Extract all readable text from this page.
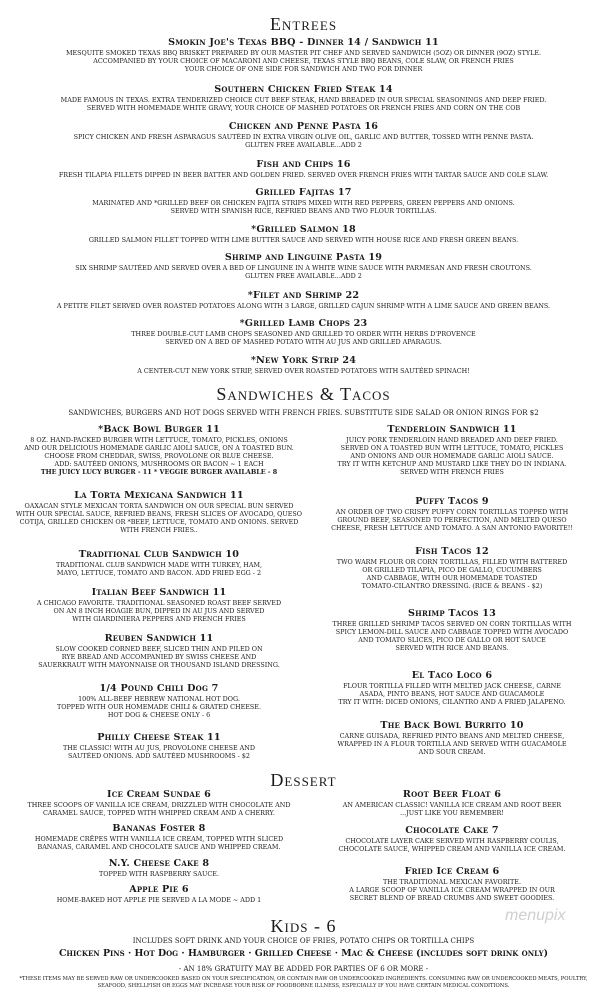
Entrees
Smokin Joe's Texas BBQ - Dinner 14 / Sandwich 11
MESQUITE SMOKED TEXAS BBQ BRISKET PREPARED BY OUR MASTER PIT CHEF AND SERVED SANDWICH (5OZ) OR DINNER (9OZ) STYLE.
ACCOMPANIED BY YOUR CHOICE OF MACARONI AND CHEESE, TEXAS STYLE BBQ BEANS, COLE SLAW, OR FRENCH FRIES
YOUR CHOICE OF ONE SIDE FOR SANDWICH AND TWO FOR DINNER
Southern Chicken Fried Steak 14
MADE FAMOUS IN TEXAS. EXTRA TENDERIZED CHOICE CUT BEEF STEAK, HAND BREADED IN OUR SPECIAL SEASONINGS AND DEEP FRIED.
SERVED WITH HOMEMADE WHITE GRAVY, YOUR CHOICE OF MASHED POTATOES OR FRENCH FRIES AND CORN ON THE COB
Chicken and Penne Pasta 16
SPICY CHICKEN AND FRESH ASPARAGUS SAUTÉED IN EXTRA VIRGIN OLIVE OIL, GARLIC AND BUTTER, TOSSED WITH PENNE PASTA.
GLUTEN FREE AVAILABLE...ADD 2
Fish and Chips 16
FRESH TILAPIA FILLETS DIPPED IN BEER BATTER AND GOLDEN FRIED. SERVED OVER FRENCH FRIES WITH TARTAR SAUCE AND COLE SLAW.
Grilled Fajitas 17
MARINATED AND *GRILLED BEEF OR CHICKEN FAJITA STRIPS MIXED WITH RED PEPPERS, GREEN PEPPERS AND ONIONS.
SERVED WITH SPANISH RICE, REFRIED BEANS AND TWO FLOUR TORTILLAS.
*Grilled Salmon 18
GRILLED SALMON FILLET TOPPED WITH LIME BUTTER SAUCE AND SERVED WITH HOUSE RICE AND FRESH GREEN BEANS.
Shrimp and Linguine Pasta 19
SIX SHRIMP SAUTÉED AND SERVED OVER A BED OF LINGUINE IN A WHITE WINE SAUCE WITH PARMESAN AND FRESH CROUTONS.
GLUTEN FREE AVAILABLE...ADD 2
*Filet and Shrimp 22
A PETITE FILET SERVED OVER ROASTED POTATOES ALONG WITH 3 LARGE, GRILLED CAJUN SHRIMP WITH A LIME SAUCE AND GREEN BEANS.
*Grilled Lamb Chops 23
THREE DOUBLE-CUT LAMB CHOPS SEASONED AND GRILLED TO ORDER WITH HERBS D'PROVENCE
SERVED ON A BED OF MASHED POTATO WITH AU JUS AND GRILLED APARAGUS.
*New York Strip 24
A CENTER-CUT NEW YORK STRIP, SERVED OVER ROASTED POTATOES WITH SAUTÉED SPINACH!
Sandwiches & Tacos
SANDWICHES, BURGERS AND HOT DOGS SERVED WITH FRENCH FRIES. SUBSTITUTE SIDE SALAD OR ONION RINGS FOR $2
*Back Bowl Burger 11
8 OZ. HAND-PACKED BURGER WITH LETTUCE, TOMATO, PICKLES, ONIONS
AND OUR DELICIOUS HOMEMADE GARLIC AIOLI SAUCE, ON A TOASTED BUN.
CHOOSE FROM CHEDDAR, SWISS, PROVOLONE OR BLUE CHEESE.
ADD: SAUTÉED ONIONS, MUSHROOMS OR BACON ~ 1 EACH
THE JUICY LUCY BURGER - 11 * VEGGIE BURGER AVAILABLE - 8
La Torta Mexicana Sandwich 11
OAXACAN STYLE MEXICAN TORTA SANDWICH ON OUR SPECIAL BUN SERVED
WITH OUR SPECIAL SAUCE, REFRIED BEANS, FRESH SLICES OF AVOCADO, QUESO
COTIJA, GRILLED CHICKEN OR *BEEF, LETTUCE, TOMATO AND ONIONS. SERVED
WITH FRENCH FRIES..
Traditional Club Sandwich 10
TRADITIONAL CLUB SANDWICH MADE WITH TURKEY, HAM,
MAYO, LETTUCE, TOMATO AND BACON. ADD FRIED EGG - 2
Italian Beef Sandwich 11
A CHICAGO FAVORITE. TRADITIONAL SEASONED ROAST BEEF SERVED
ON AN 8 INCH HOAGIE BUN, DIPPED IN AU JUS AND SERVED
WITH GIARDINIERA PEPPERS AND FRENCH FRIES
Reuben Sandwich 11
SLOW COOKED CORNED BEEF, SLICED THIN AND PILED ON
RYE BREAD AND ACCOMPANIED BY SWISS CHEESE AND
SAUERKRAUT WITH MAYONNAISE OR THOUSAND ISLAND DRESSING.
1/4 Pound Chili Dog 7
100% ALL-BEEF HEBREW NATIONAL HOT DOG.
TOPPED WITH OUR HOMEMADE CHILI & GRATED CHEESE.
HOT DOG & CHEESE ONLY - 6
Philly Cheese Steak 11
THE CLASSIC! WITH AU JUS, PROVOLONE CHEESE AND
SAUTÉED ONIONS. ADD SAUTÉED MUSHROOMS - $2
Tenderloin Sandwich 11
JUICY PORK TENDERLOIN HAND BREADED AND DEEP FRIED.
SERVED ON A TOASTED BUN WITH LETTUCE, TOMATO, PICKLES
AND ONIONS AND OUR HOMEMADE GARLIC AIOLI SAUCE.
TRY IT WITH KETCHUP AND MUSTARD LIKE THEY DO IN INDIANA.
SERVED WITH FRENCH FRIES
Puffy Tacos 9
AN ORDER OF TWO CRISPY PUFFY CORN TORTILLAS TOPPED WITH
GROUND BEEF, SEASONED TO PERFECTION, AND MELTED QUESO
CHEESE, FRESH LETTUCE AND TOMATO. A SAN ANTONIO FAVORITE!!
Fish Tacos 12
TWO WARM FLOUR OR CORN TORTILLAS, FILLED WITH BATTERED
OR GRILLED TILAPIA, PICO DE GALLO, CUCUMBERS
AND CABBAGE, WITH OUR HOMEMADE TOASTED
TOMATO-CILANTRO DRESSING. (RICE & BEANS - $2)
Shrimp Tacos 13
THREE GRILLED SHRIMP TACOS SERVED ON CORN TORTILLAS WITH
SPICY LEMON-DILL SAUCE AND CABBAGE TOPPED WITH AVOCADO
AND TOMATO SLICES, PICO DE GALLO OR HOT SAUCE
SERVED WITH RICE AND BEANS.
El Taco Loco 6
FLOUR TORTILLA FILLED WITH MELTED JACK CHEESE, CARNE
ASADA, PINTO BEANS, HOT SAUCE AND GUACAMOLE
TRY IT WITH: DICED ONIONS, CILANTRO AND A FRIED JALAPENO.
The Back Bowl Burrito 10
CARNE GUISADA, REFRIED PINTO BEANS AND MELTED CHEESE,
WRAPPED IN A FLOUR TORTILLA AND SERVED WITH GUACAMOLE
AND SOUR CREAM.
Dessert
Ice Cream Sundae 6
THREE SCOOPS OF VANILLA ICE CREAM, DRIZZLED WITH CHOCOLATE AND
CARAMEL SAUCE, TOPPED WITH WHIPPED CREAM AND A CHERRY.
Bananas Foster 8
HOMEMADE CRÊPES WITH VANILLA ICE CREAM, TOPPED WITH SLICED
BANANAS, CARAMEL AND CHOCOLATE SAUCE AND WHIPPED CREAM.
N.Y. Cheese Cake 8
TOPPED WITH RASPBERRY SAUCE.
Apple Pie 6
HOME-BAKED HOT APPLE PIE SERVED A LA MODE ~ ADD 1
Root Beer Float 6
AN AMERICAN CLASSIC! VANILLA ICE CREAM AND ROOT BEER
...JUST LIKE YOU REMEMBER!
Chocolate Cake 7
CHOCOLATE LAYER CAKE SERVED WITH RASPBERRY COULIS,
CHOCOLATE SAUCE, WHIPPED CREAM AND VANILLA ICE CREAM.
Fried Ice Cream 6
THE TRADITIONAL MEXICAN FAVORITE.
A LARGE SCOOP OF VANILLA ICE CREAM WRAPPED IN OUR
SECRET BLEND OF BREAD CRUMBS AND SWEET GOODIES.
menupix
Kids - 6
INCLUDES SOFT DRINK AND YOUR CHOICE OF FRIES, POTATO CHIPS OR TORTILLA CHIPS
Chicken Pins · Hot Dog · Hamburger · Grilled Cheese · Mac & Cheese (includes soft drink only)
- AN 18% GRATUITY MAY BE ADDED FOR PARTIES OF 6 OR MORE -
*THESE ITEMS MAY BE SERVED RAW OR UNDERCOOKED BASED ON YOUR SPECIFICATION, OR CONTAIN RAW OR UNDERCOOKED INGREDIENTS. CONSUMING RAW OR UNDERCOOKED MEATS, POULTRY, SEAFOOD, SHELLFISH OR EGGS MAY INCREASE YOUR RISK OF FOODBORNE ILLNESS, ESPECIALLY IF YOU HAVE CERTAIN MEDICAL CONDITIONS.
